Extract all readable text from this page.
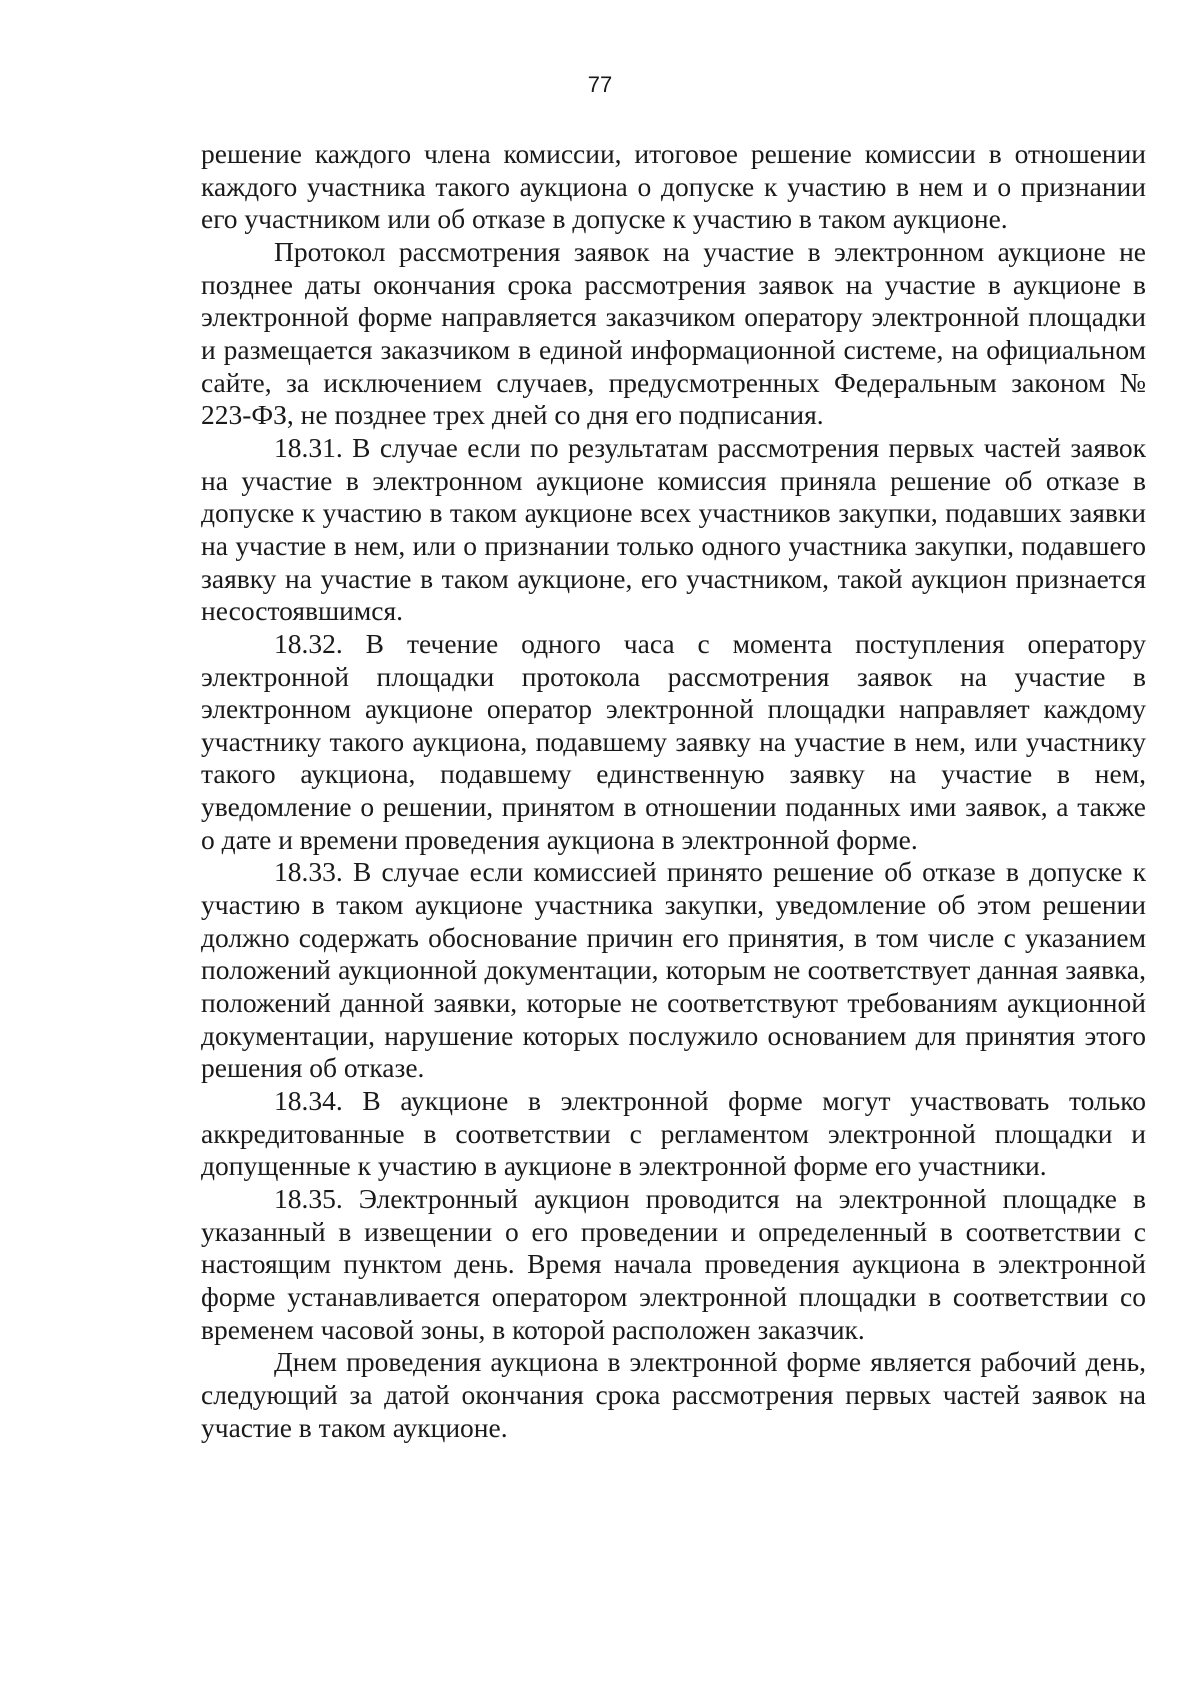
77

решение каждого члена комиссии, итоговое решение комиссии в отношении каждого участника такого аукциона о допуске к участию в нем и о признании его участником или об отказе в допуске к участию в таком аукционе.

Протокол рассмотрения заявок на участие в электронном аукционе не позднее даты окончания срока рассмотрения заявок на участие в аукционе в электронной форме направляется заказчиком оператору электронной площадки и размещается заказчиком в единой информационной системе, на официальном сайте, за исключением случаев, предусмотренных Федеральным законом № 223-ФЗ, не позднее трех дней со дня его подписания.

18.31. В случае если по результатам рассмотрения первых частей заявок на участие в электронном аукционе комиссия приняла решение об отказе в допуске к участию в таком аукционе всех участников закупки, подавших заявки на участие в нем, или о признании только одного участника закупки, подавшего заявку на участие в таком аукционе, его участником, такой аукцион признается несостоявшимся.

18.32. В течение одного часа с момента поступления оператору электронной площадки протокола рассмотрения заявок на участие в электронном аукционе оператор электронной площадки направляет каждому участнику такого аукциона, подавшему заявку на участие в нем, или участнику такого аукциона, подавшему единственную заявку на участие в нем, уведомление о решении, принятом в отношении поданных ими заявок, а также о дате и времени проведения аукциона в электронной форме.

18.33. В случае если комиссией принято решение об отказе в допуске к участию в таком аукционе участника закупки, уведомление об этом решении должно содержать обоснование причин его принятия, в том числе с указанием положений аукционной документации, которым не соответствует данная заявка, положений данной заявки, которые не соответствуют требованиям аукционной документации, нарушение которых послужило основанием для принятия этого решения об отказе.

18.34. В аукционе в электронной форме могут участвовать только аккредитованные в соответствии с регламентом электронной площадки и допущенные к участию в аукционе в электронной форме его участники.

18.35. Электронный аукцион проводится на электронной площадке в указанный в извещении о его проведении и определенный в соответствии с настоящим пунктом день. Время начала проведения аукциона в электронной форме устанавливается оператором электронной площадки в соответствии со временем часовой зоны, в которой расположен заказчик.

Днем проведения аукциона в электронной форме является рабочий день, следующий за датой окончания срока рассмотрения первых частей заявок на участие в таком аукционе.
